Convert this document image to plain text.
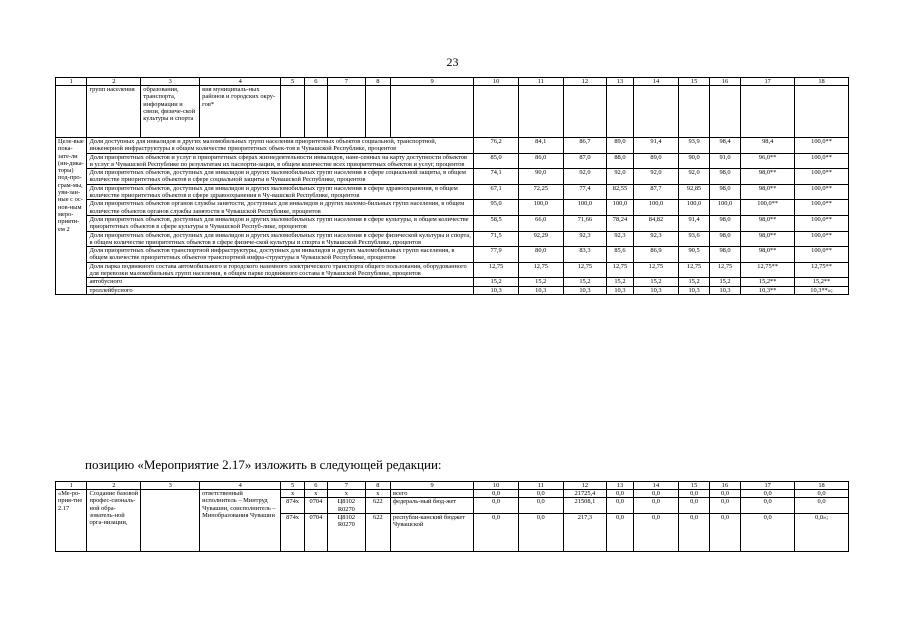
23
1	2	3	4	5	6	7	8	9	10	11	12	13	14	15	16	17	18
	групп населения	образования, транспорта, информации и связи, физиче-ской культуры и спорта	вия муниципаль-ных районов и городских окру-гов*														
Целе-вые пока-зате-ли (ин-дика-торы) под-про-грам-мы, увя-зан-ные с ос-нов-ным меро-прияти-ем 2	Доля доступных для инвалидов и других маломобильных групп населения приоритетных объектов социальной, транспортной, инженерной инфраструктуры в общем количестве приоритетных объек-тов в Чувашской Республике, процентов								76,2	84,1	86,7	89,0	91,4	93,9	98,4	98,4	100,0**
	Доля приоритетных объектов и услуг в приоритетных сферах жизнедеятельности инвалидов, нане-сенных на карту доступности объектов и услуг в Чувашской Республике по результатам их паспорти-зации, в общем количестве всех приоритетных объектов и услуг, процентов								85,0	86,0	87,0	88,0	89,0	90,0	91,0	96,0**	100,0**
	Доля приоритетных объектов, доступных для инвалидов и других маломобильных групп населения в сфере социальной защиты, в общем количестве приоритетных объектов в сфере социальной защиты в Чувашской Республике, процентов								74,1	90,0	92,0	92,0	92,0	92,0	98,0	98,0**	100,0**
	Доля приоритетных объектов, доступных для инвалидов и других маломобильных групп населения в сфере здравоохранения, в общем количестве приоритетных объектов в сфере здравоохранения в Чу-вашской Республике, процентов								67,1	72,25	77,4	82,55	87,7	92,85	98,0	98,0**	100,0**
	Доля приоритетных объектов органов службы занятости, доступных для инвалидов и других маломо-бильных групп населения, в общем количестве объектов органов службы занятости в Чувашской Республике, процентов								95,0	100,0	100,0	100,0	100,0	100,0	100,0	100,0**	100,0**
	Доля приоритетных объектов, доступных для инвалидов и других маломобильных групп населения в сфере культуры, в общем количестве приоритетных объектов в сфере культуры в Чувашской Респуб-лике, процентов								58,5	66,0	71,66	78,24	84,82	91,4	98,0	98,0**	100,0**
	Доля приоритетных объектов, доступных для инвалидов и других маломобильных групп населения в сфере физической культуры и спорта, в общем количестве приоритетных объектов в сфере физиче-ской культуры и спорта в Чувашской Республике, процентов								71,5	92,29	92,3	92,3	92,3	93,6	98,0	98,0**	100,0**
	Доля приоритетных объектов транспортной инфраструктуры, доступных для инвалидов и других маломобильных групп населения, в общем количестве приоритетных объектов транспортной инфра-структуры в Чувашской Республике, процентов								77,9	80,0	83,3	85,6	86,9	90,5	98,0	98,0**	100,0**
	Доля парка подвижного состава автомобильного и городского наземного электрического транспорта общего пользования, оборудованного для перевозки маломобильных групп населения, в общем парке подвижного состава в Чувашской Республике, процентов								12,75	12,75	12,75	12,75	12,75	12,75	12,75	12,75**	12,75**
	автобусного								15,2	15,2	15,2	15,2	15,2	15,2	15,2	15,2**	15,2**
	троллейбусного								10,3	10,3	10,3	10,3	10,3	10,3	10,3	10,3**	10,3**»;
позицию «Мероприятие 2.17» изложить в следующей редакции:
1	2	3	4	5	6	7	8	9	10	11	12	13	14	15	16	17	18
«Ме-ро-прия-тие 2.17	Создание базовой профес-сиональ-ной обра-зователь-ной орга-низации,		ответственный исполнитель – Минтруд Чувашии, соисполнитель – Минобразования Чувашии	x	x	x	x	всего	0,0	0,0	21725,4	0,0	0,0	0,0	0,0	0,0	0,0
				874х	0704	Ц8102 R0270	622	федераль-ный бюд-жет	0,0	0,0	21508,1	0,0	0,0	0,0	0,0	0,0	0,0
				874х	0704	Ц8102 R0270	622	республи-канский бюджет Чувашской	0,0	0,0	217,3	0,0	0,0	0,0	0,0	0,0	0,0»;
